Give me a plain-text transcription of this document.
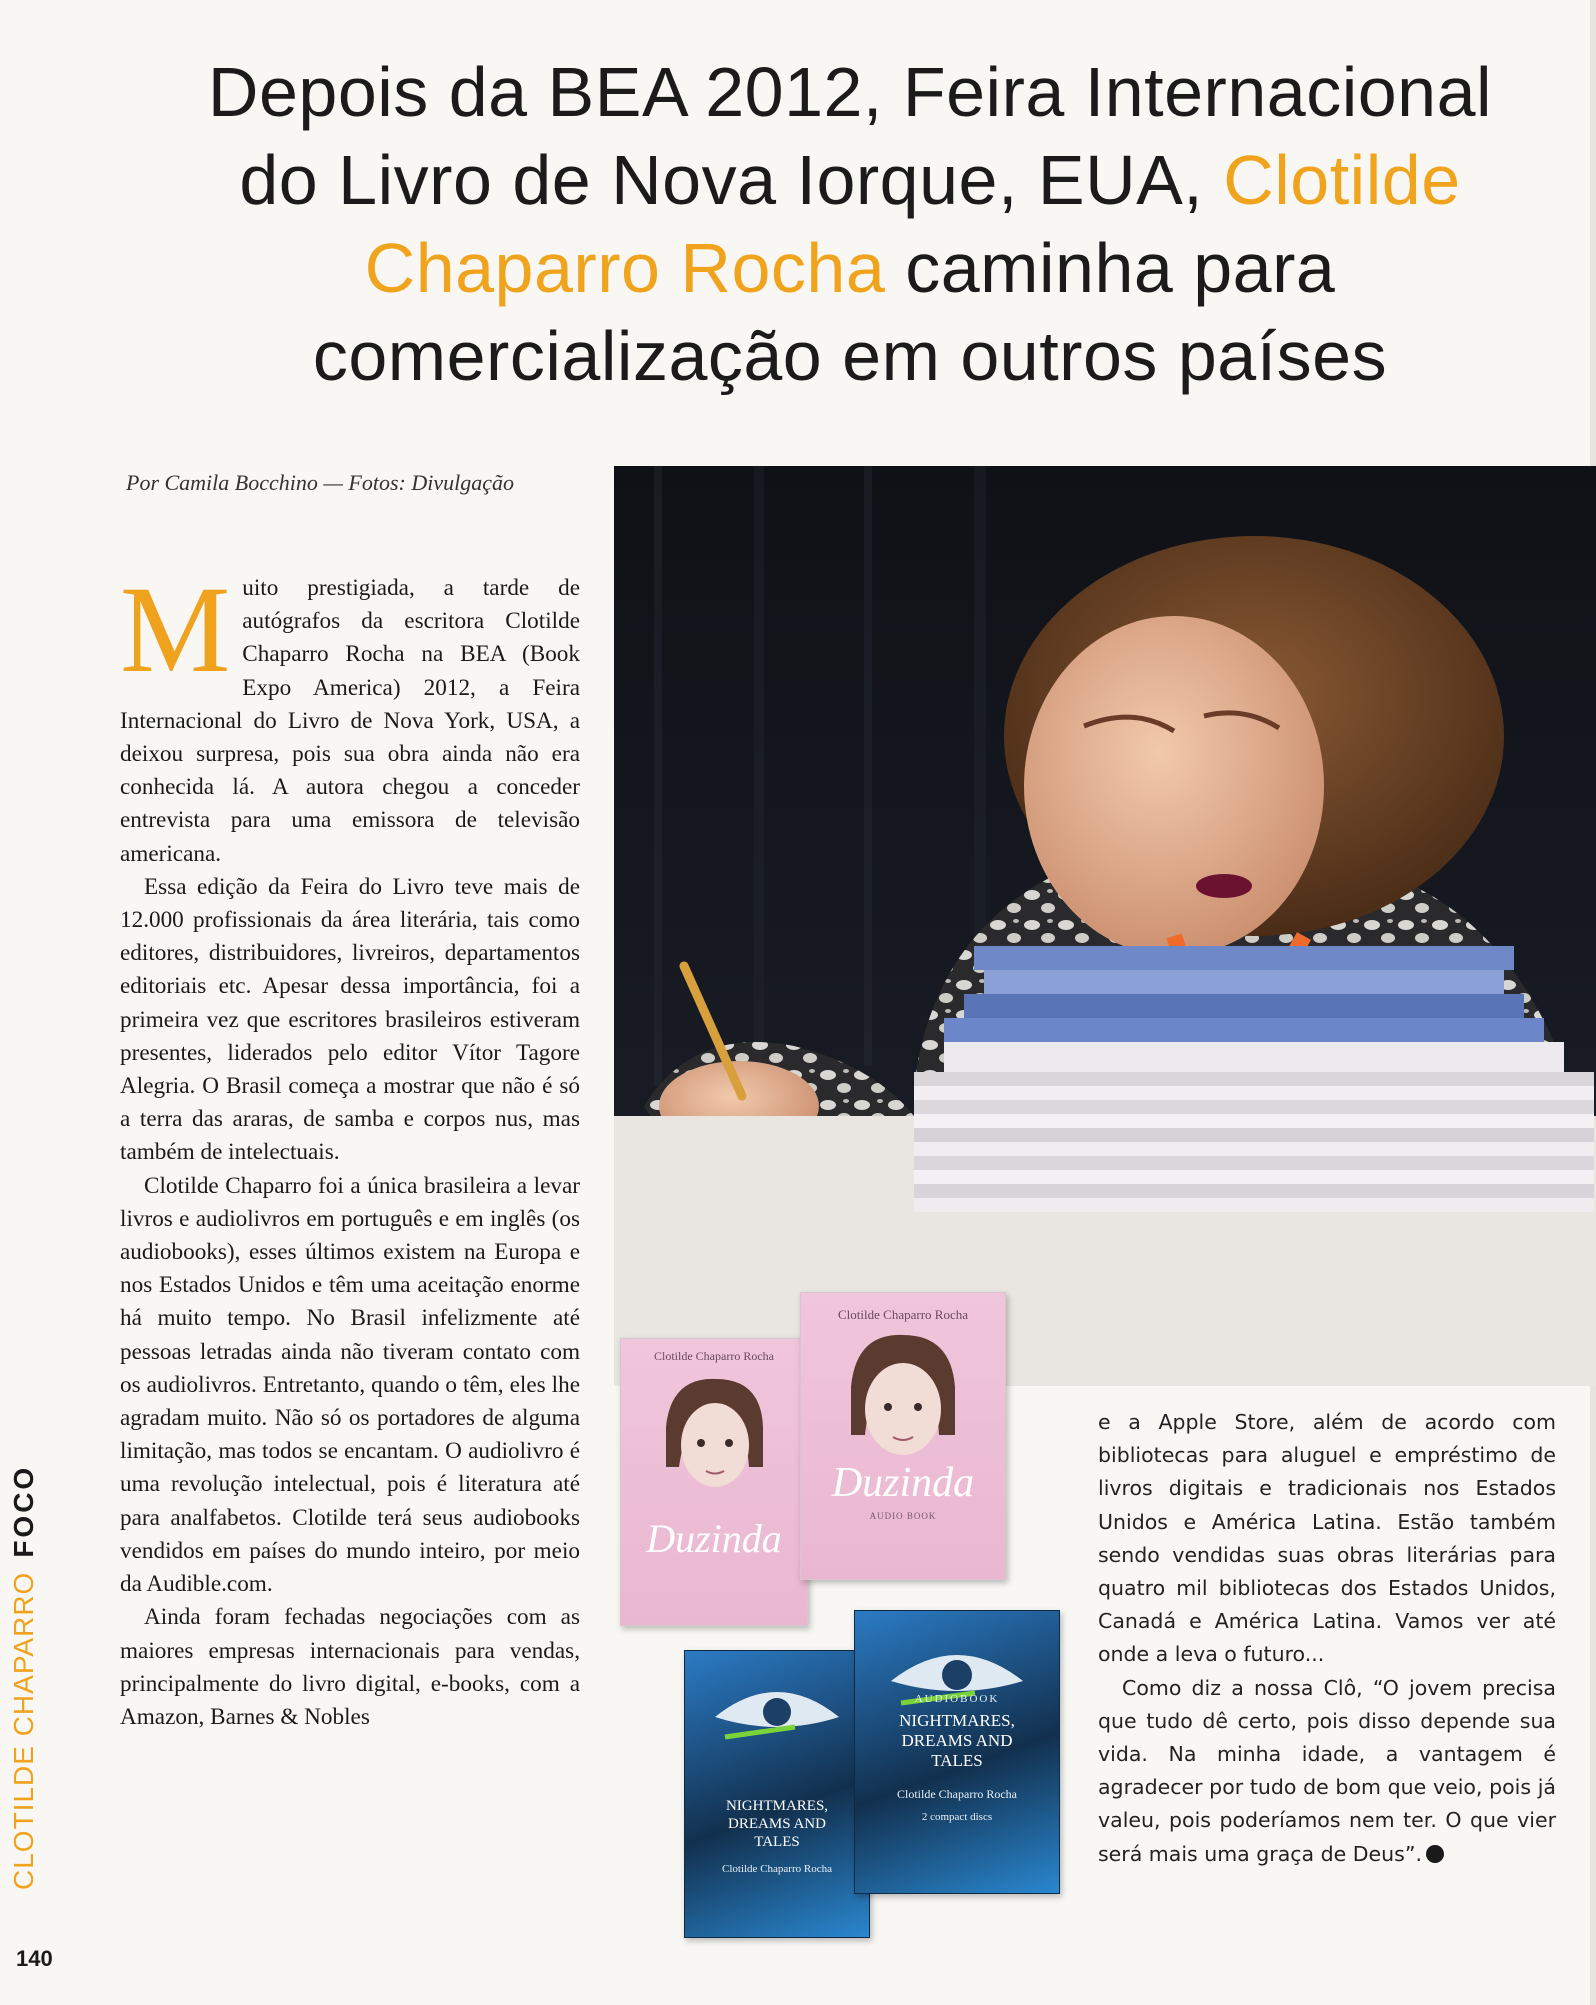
Depois da BEA 2012, Feira Internacional
do Livro de Nova Iorque, EUA, Clotilde
Chaparro Rocha caminha para
comercialização em outros países
Por Camila Bocchino — Fotos: Divulgação

Muito prestigiada, a tarde de autógrafos da escritora Clotilde Chaparro Rocha na BEA (Book Expo America) 2012, a Feira Internacional do Livro de Nova York, USA, a deixou surpresa, pois sua obra ainda não era conhecida lá. A autora chegou a conceder entrevista para uma emissora de televisão americana.

Essa edição da Feira do Livro teve mais de 12.000 profissionais da área literária, tais como editores, distribuidores, livreiros, departamentos editoriais etc. Apesar dessa importância, foi a primeira vez que escritores brasileiros estiveram presentes, liderados pelo editor Vítor Tagore Alegria. O Brasil começa a mostrar que não é só a terra das araras, de samba e corpos nus, mas também de intelectuais.

Clotilde Chaparro foi a única brasileira a levar livros e audiolivros em português e em inglês (os audiobooks), esses últimos existem na Europa e nos Estados Unidos e têm uma aceitação enorme há muito tempo. No Brasil infelizmente até pessoas letradas ainda não tiveram contato com os audiolivros. Entretanto, quando o têm, eles lhe agradam muito. Não só os portadores de alguma limitação, mas todos se encantam. O audiolivro é uma revolução intelectual, pois é literatura até para analfabetos. Clotilde terá seus audiobooks vendidos em países do mundo inteiro, por meio da Audible.com.

Ainda foram fechadas negociações com as maiores empresas internacionais para vendas, principalmente do livro digital, e-books, com a Amazon, Barnes & Nobles

Clotilde Chaparro Rocha
Duzinda
Clotilde Chaparro Rocha
Duzinda
AUDIO BOOK
NIGHTMARES, DREAMS AND TALES
Clotilde Chaparro Rocha
AUDIOBOOK
NIGHTMARES, DREAMS AND TALES
Clotilde Chaparro Rocha
2 compact discs

e a Apple Store, além de acordo com bibliotecas para aluguel e empréstimo de livros digitais e tradicionais nos Estados Unidos e América Latina. Estão também sendo vendidas suas obras literárias para quatro mil bibliotecas dos Estados Unidos, Canadá e América Latina. Vamos ver até onde a leva o futuro...

Como diz a nossa Clô, “O jovem precisa que tudo dê certo, pois disso depende sua vida. Na minha idade, a vantagem é agradecer por tudo de bom que veio, pois já valeu, pois poderíamos nem ter. O que vier será mais uma graça de Deus”.

CLOTILDE CHAPARROFOCO
140
